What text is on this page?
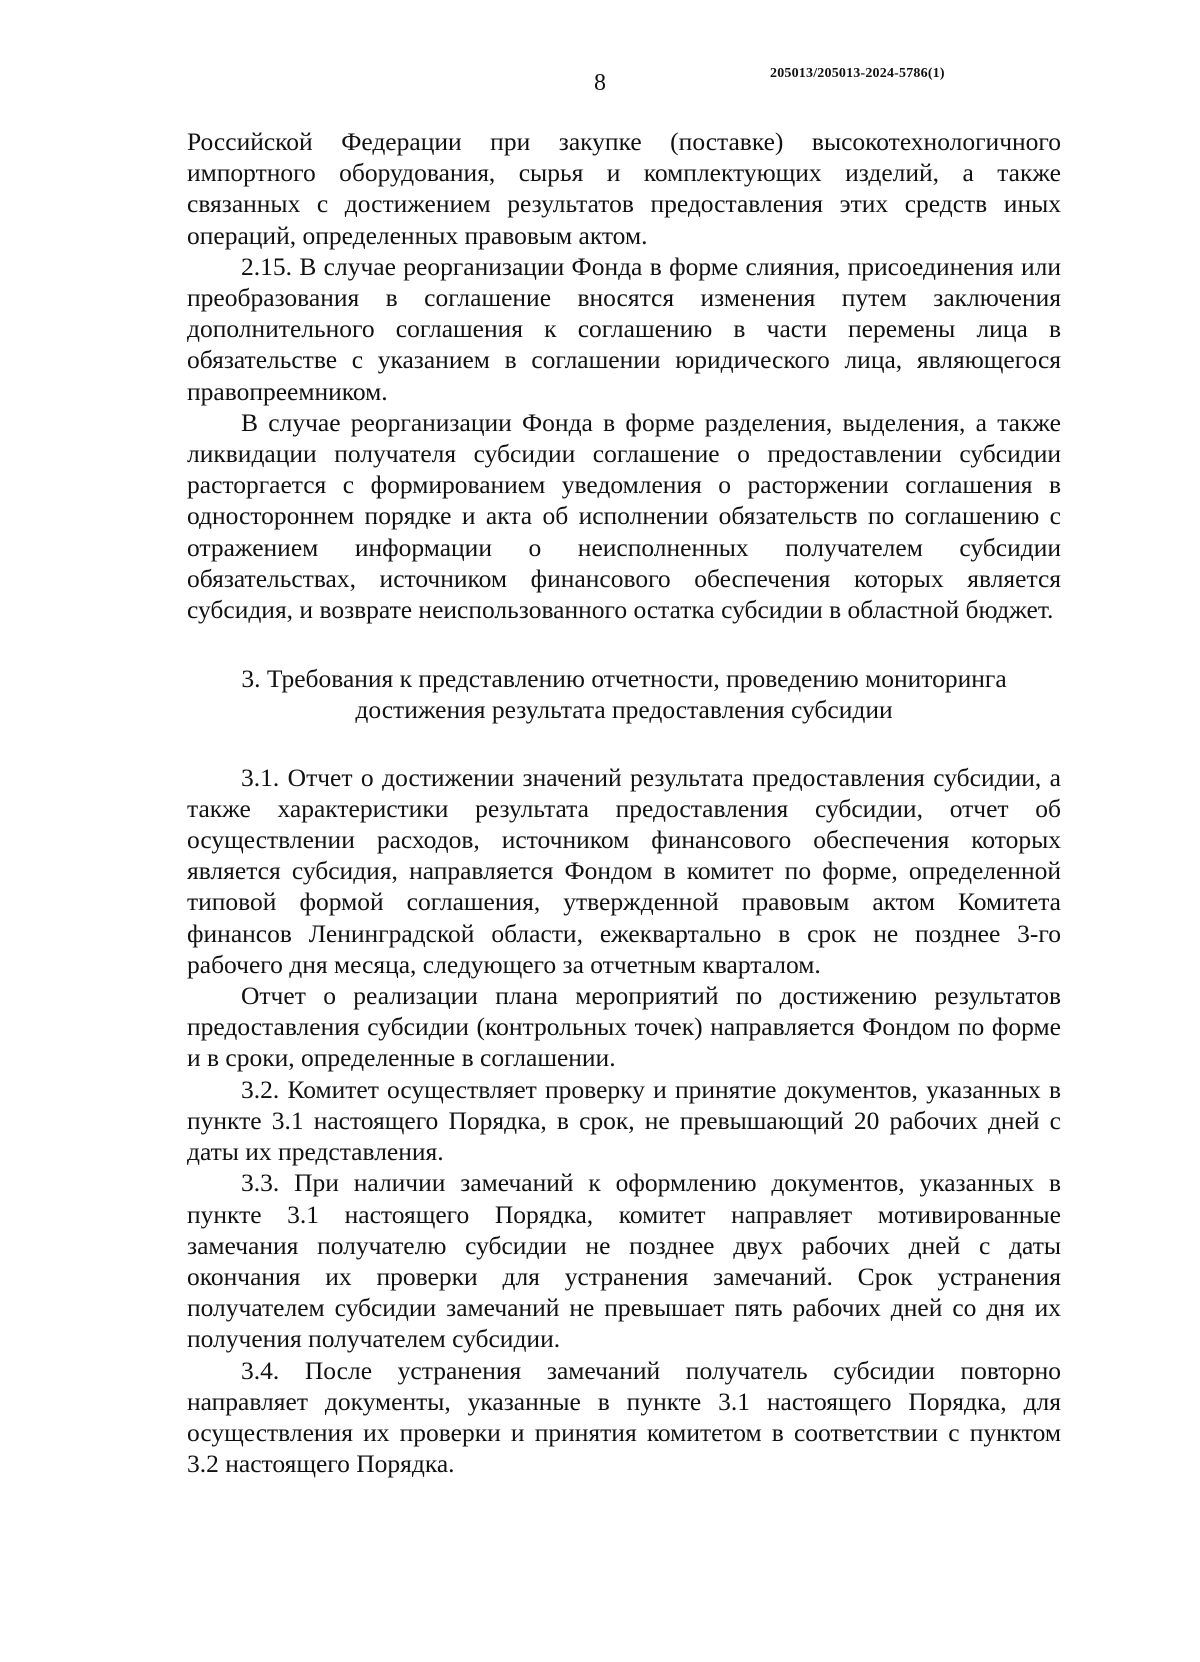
8	205013/205013-2024-5786(1)

Российской Федерации при закупке (поставке) высокотехнологичного импортного оборудования, сырья и комплектующих изделий, а также связанных с достижением результатов предоставления этих средств иных операций, определенных правовым актом.

2.15. В случае реорганизации Фонда в форме слияния, присоединения или преобразования в соглашение вносятся изменения путем заключения дополнительного соглашения к соглашению в части перемены лица в обязательстве с указанием в соглашении юридического лица, являющегося правопреемником.

В случае реорганизации Фонда в форме разделения, выделения, а также ликвидации получателя субсидии соглашение о предоставлении субсидии расторгается с формированием уведомления о расторжении соглашения в одностороннем порядке и акта об исполнении обязательств по соглашению с отражением информации о неисполненных получателем субсидии обязательствах, источником финансового обеспечения которых является субсидия, и возврате неиспользованного остатка субсидии в областной бюджет.

3. Требования к представлению отчетности, проведению мониторинга
достижения результата предоставления субсидии

3.1. Отчет о достижении значений результата предоставления субсидии, а также характеристики результата предоставления субсидии, отчет об осуществлении расходов, источником финансового обеспечения которых является субсидия, направляется Фондом в комитет по форме, определенной типовой формой соглашения, утвержденной правовым актом Комитета финансов Ленинградской области, ежеквартально в срок не позднее 3-го рабочего дня месяца, следующего за отчетным кварталом.

Отчет о реализации плана мероприятий по достижению результатов предоставления субсидии (контрольных точек) направляется Фондом по форме и в сроки, определенные в соглашении.

3.2. Комитет осуществляет проверку и принятие документов, указанных в пункте 3.1 настоящего Порядка, в срок, не превышающий 20 рабочих дней с даты их представления.

3.3. При наличии замечаний к оформлению документов, указанных в пункте 3.1 настоящего Порядка, комитет направляет мотивированные замечания получателю субсидии не позднее двух рабочих дней с даты окончания их проверки для устранения замечаний. Срок устранения получателем субсидии замечаний не превышает пять рабочих дней со дня их получения получателем субсидии.

3.4. После устранения замечаний получатель субсидии повторно направляет документы, указанные в пункте 3.1 настоящего Порядка, для осуществления их проверки и принятия комитетом в соответствии с пунктом 3.2 настоящего Порядка.
